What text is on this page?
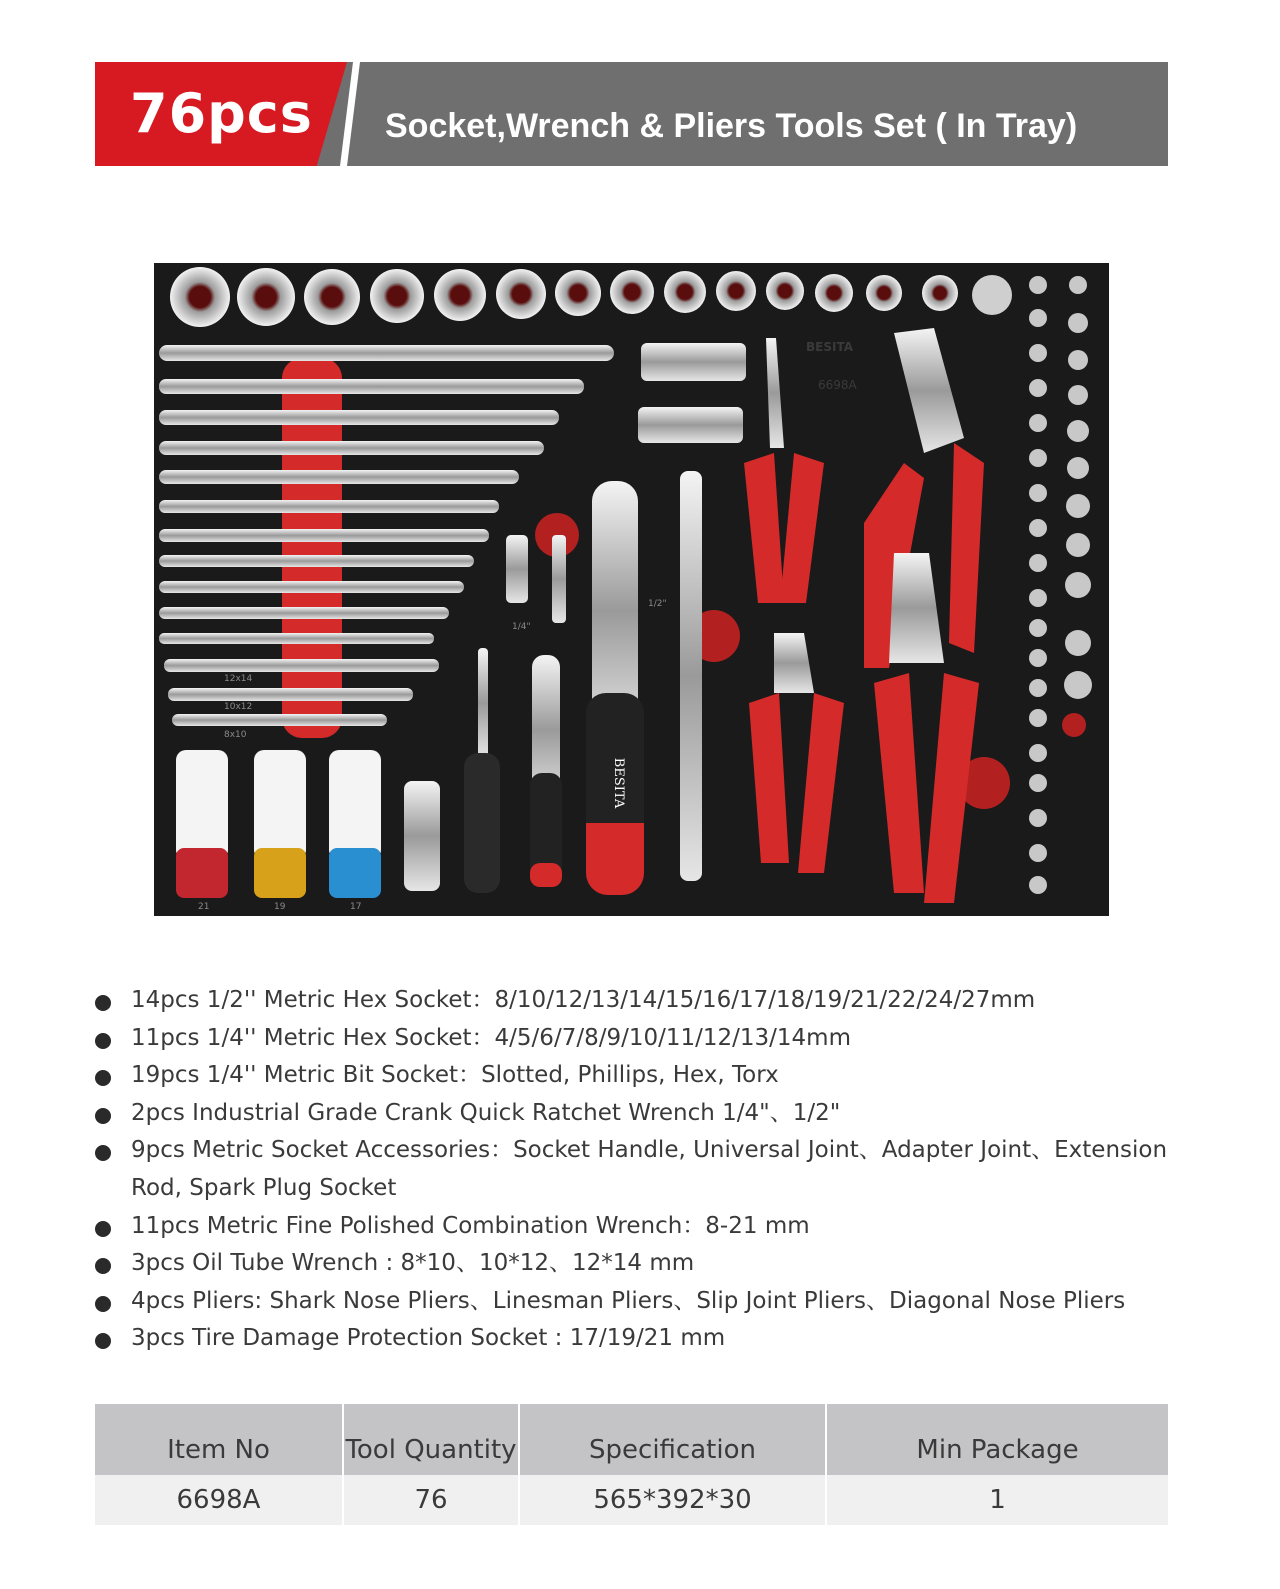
76pcs Socket,Wrench & Pliers Tools Set ( In Tray)
12x14
10x12
8x10
1/4"
BESITA
1/2"
21	19	17
BESITA
6698A
14pcs 1/2'' Metric Hex Socket：8/10/12/13/14/15/16/17/18/19/21/22/24/27mm
11pcs 1/4'' Metric Hex Socket：4/5/6/7/8/9/10/11/12/13/14mm
19pcs 1/4'' Metric Bit Socket：Slotted, Phillips, Hex, Torx
2pcs Industrial Grade Crank Quick Ratchet Wrench 1/4"、1/2"
9pcs Metric Socket Accessories：Socket Handle, Universal Joint、Adapter Joint、Extension Rod, Spark Plug Socket
11pcs Metric Fine Polished Combination Wrench：8-21 mm
3pcs Oil Tube Wrench : 8*10、10*12、12*14 mm
4pcs Pliers: Shark Nose Pliers、Linesman Pliers、Slip Joint Pliers、Diagonal Nose Pliers
3pcs Tire Damage Protection Socket : 17/19/21 mm
Item No	Tool Quantity	Specification	Min Package
6698A	76	565*392*30	1
